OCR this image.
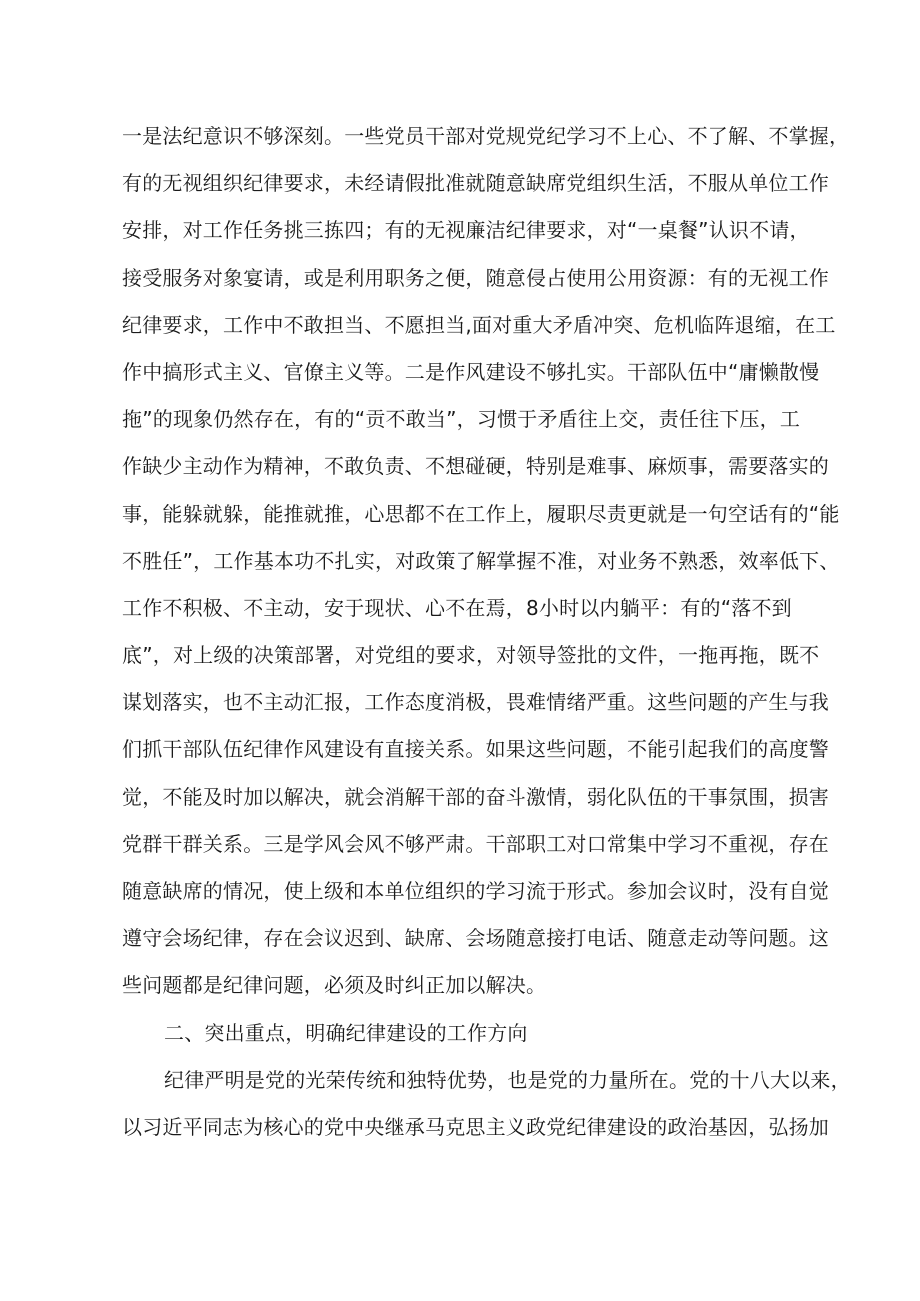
一是法纪意识不够深刻。一些党员干部对党规党纪学习不上心、不了解、不掌握，

有的无视组织纪律要求，未经请假批准就随意缺席党组织生活，不服从单位工作

安排，对工作任务挑三拣四；有的无视廉洁纪律要求，对“一桌餐”认识不请，

接受服务对象宴请，或是利用职务之便，随意侵占使用公用资源：有的无视工作

纪律要求，工作中不敢担当、不愿担当,面对重大矛盾冲突、危机临阵退缩，在工

作中搞形式主义、官僚主义等。二是作风建设不够扎实。干部队伍中“庸懒散慢

拖”的现象仍然存在，有的“贡不敢当”，习惯于矛盾往上交，责任往下压，工

作缺少主动作为精神，不敢负责、不想碰硬，特别是难事、麻烦事，需要落实的

事，能躲就躲，能推就推，心思都不在工作上，履职尽责更就是一句空话有的“能

不胜任”，工作基本功不扎实，对政策了解掌握不准，对业务不熟悉，效率低下、

工作不积极、不主动，安于现状、心不在焉，8小时以内躺平：有的“落不到

底”，对上级的决策部署，对党组的要求，对领导签批的文件，一拖再拖，既不

谋划落实，也不主动汇报，工作态度消极，畏难情绪严重。这些问题的产生与我

们抓干部队伍纪律作风建设有直接关系。如果这些问题，不能引起我们的高度警

觉，不能及时加以解决，就会消解干部的奋斗激情，弱化队伍的干事氛围，损害

党群干群关系。三是学风会风不够严肃。干部职工对口常集中学习不重视，存在

随意缺席的情况，使上级和本单位组织的学习流于形式。参加会议时，没有自觉

遵守会场纪律，存在会议迟到、缺席、会场随意接打电话、随意走动等问题。这

些问题都是纪律问题，必须及时纠正加以解决。

二、突出重点，明确纪律建设的工作方向

纪律严明是党的光荣传统和独特优势，也是党的力量所在。党的十八大以来，

以习近平同志为核心的党中央继承马克思主义政党纪律建设的政治基因，弘扬加
